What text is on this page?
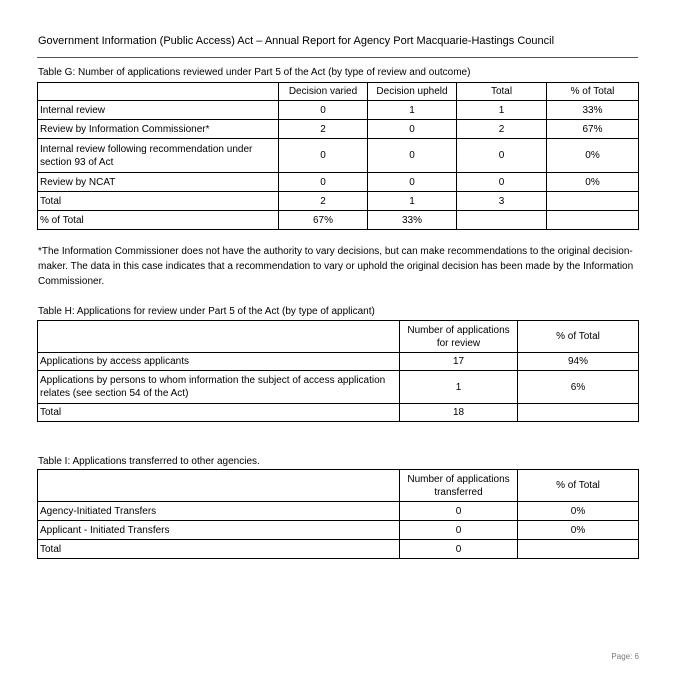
Government Information (Public Access) Act – Annual Report for Agency Port Macquarie-Hastings Council
Table G: Number of applications reviewed under Part 5 of the Act (by type of review and outcome)
	Decision varied	Decision upheld	Total	% of Total
Internal review	0	1	1	33%
Review by Information Commissioner*	2	0	2	67%
Internal review following recommendation under section 93 of Act	0	0	0	0%
Review by NCAT	0	0	0	0%
Total	2	1	3	
% of Total	67%	33%		
*The Information Commissioner does not have the authority to vary decisions, but can make recommendations to the original decision-maker. The data in this case indicates that a recommendation to vary or uphold the original decision has been made by the Information Commissioner.
Table H: Applications for review under Part 5 of the Act (by type of applicant)
	Number of applications for review	% of Total
Applications by access applicants	17	94%
Applications by persons to whom information the subject of access application relates (see section 54 of the Act)	1	6%
Total	18	
Table I: Applications transferred to other agencies.
	Number of applications transferred	% of Total
Agency-Initiated Transfers	0	0%
Applicant - Initiated Transfers	0	0%
Total	0	
Page: 6
